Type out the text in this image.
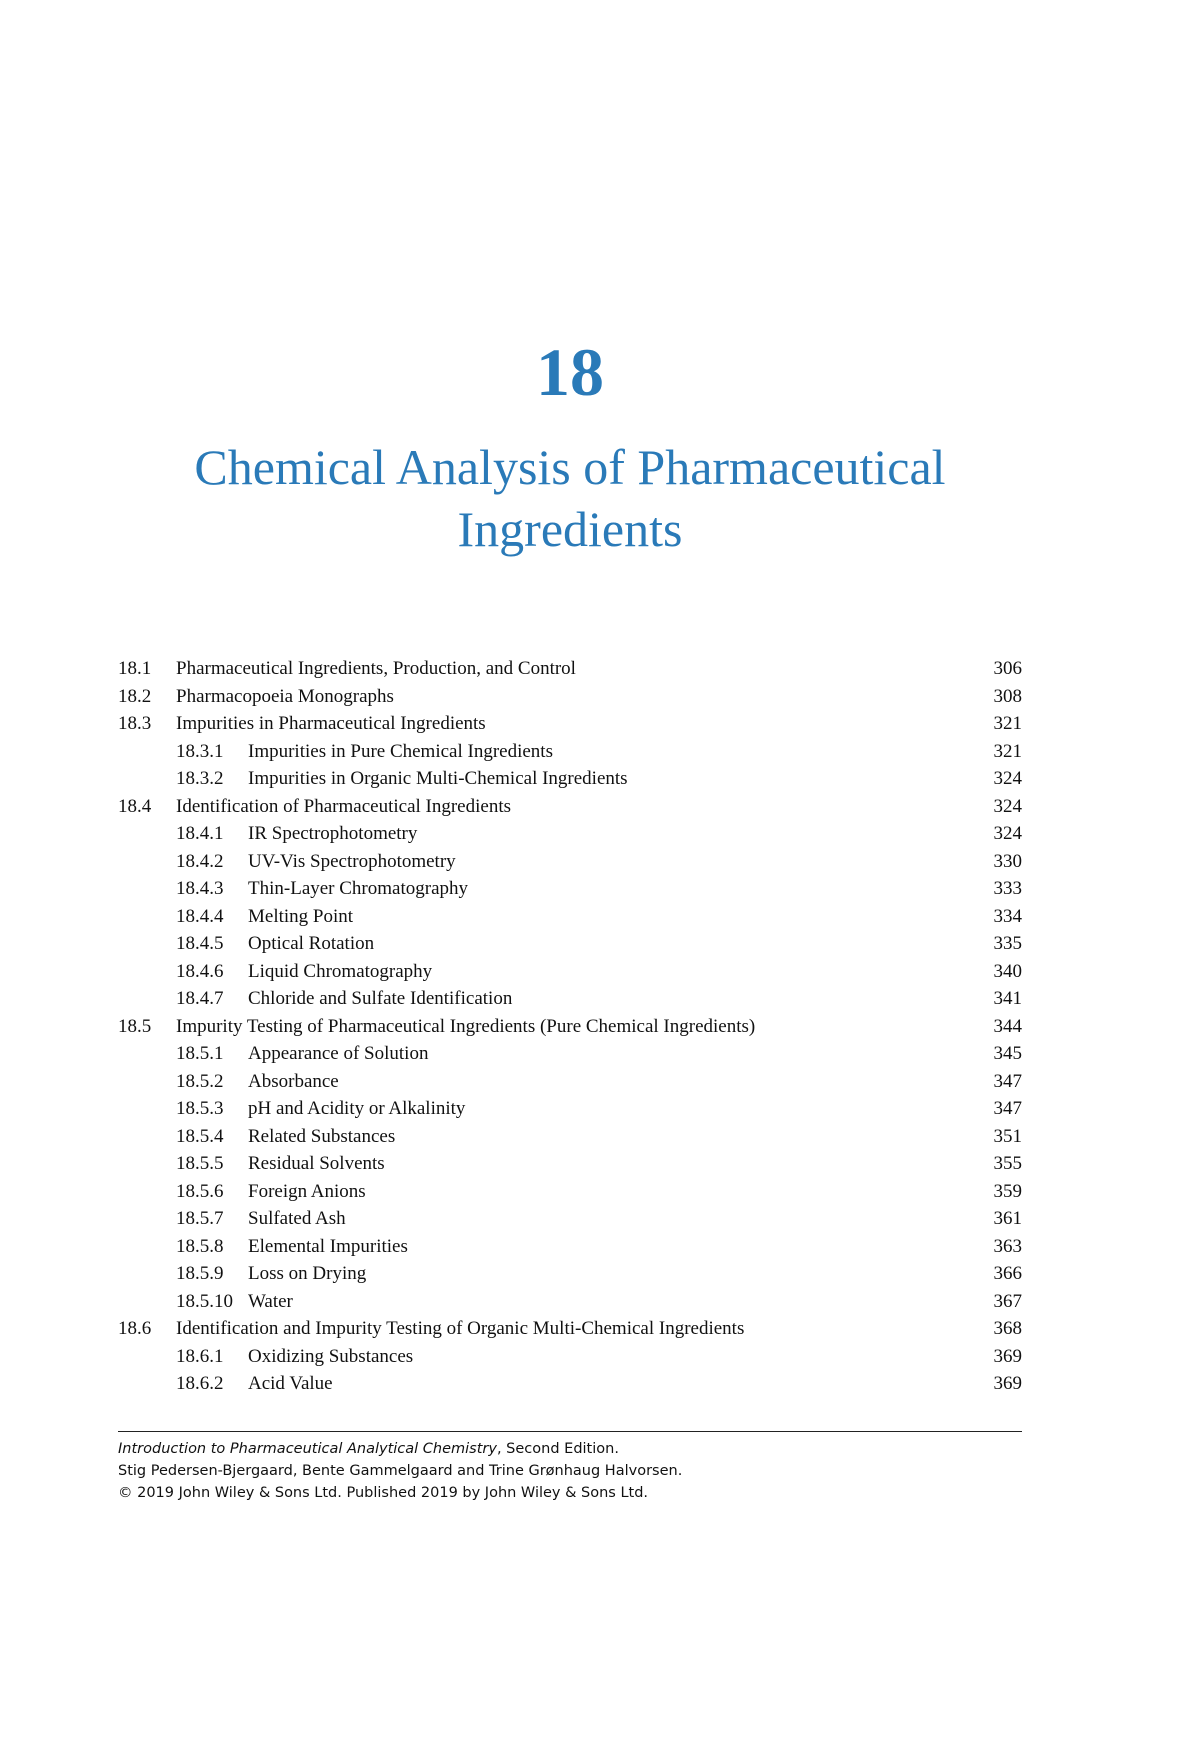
18
Chemical Analysis of Pharmaceutical
Ingredients
18.1 Pharmaceutical Ingredients, Production, and Control	306
18.2 Pharmacopoeia Monographs	308
18.3 Impurities in Pharmaceutical Ingredients	321
18.3.1 Impurities in Pure Chemical Ingredients	321
18.3.2 Impurities in Organic Multi-Chemical Ingredients	324
18.4 Identification of Pharmaceutical Ingredients	324
18.4.1 IR Spectrophotometry	324
18.4.2 UV-Vis Spectrophotometry	330
18.4.3 Thin-Layer Chromatography	333
18.4.4 Melting Point	334
18.4.5 Optical Rotation	335
18.4.6 Liquid Chromatography	340
18.4.7 Chloride and Sulfate Identification	341
18.5 Impurity Testing of Pharmaceutical Ingredients (Pure Chemical Ingredients)	344
18.5.1 Appearance of Solution	345
18.5.2 Absorbance	347
18.5.3 pH and Acidity or Alkalinity	347
18.5.4 Related Substances	351
18.5.5 Residual Solvents	355
18.5.6 Foreign Anions	359
18.5.7 Sulfated Ash	361
18.5.8 Elemental Impurities	363
18.5.9 Loss on Drying	366
18.5.10 Water	367
18.6 Identification and Impurity Testing of Organic Multi-Chemical Ingredients	368
18.6.1 Oxidizing Substances	369
18.6.2 Acid Value	369
Introduction to Pharmaceutical Analytical Chemistry, Second Edition.
Stig Pedersen-Bjergaard, Bente Gammelgaard and Trine Grønhaug Halvorsen.
© 2019 John Wiley & Sons Ltd. Published 2019 by John Wiley & Sons Ltd.
